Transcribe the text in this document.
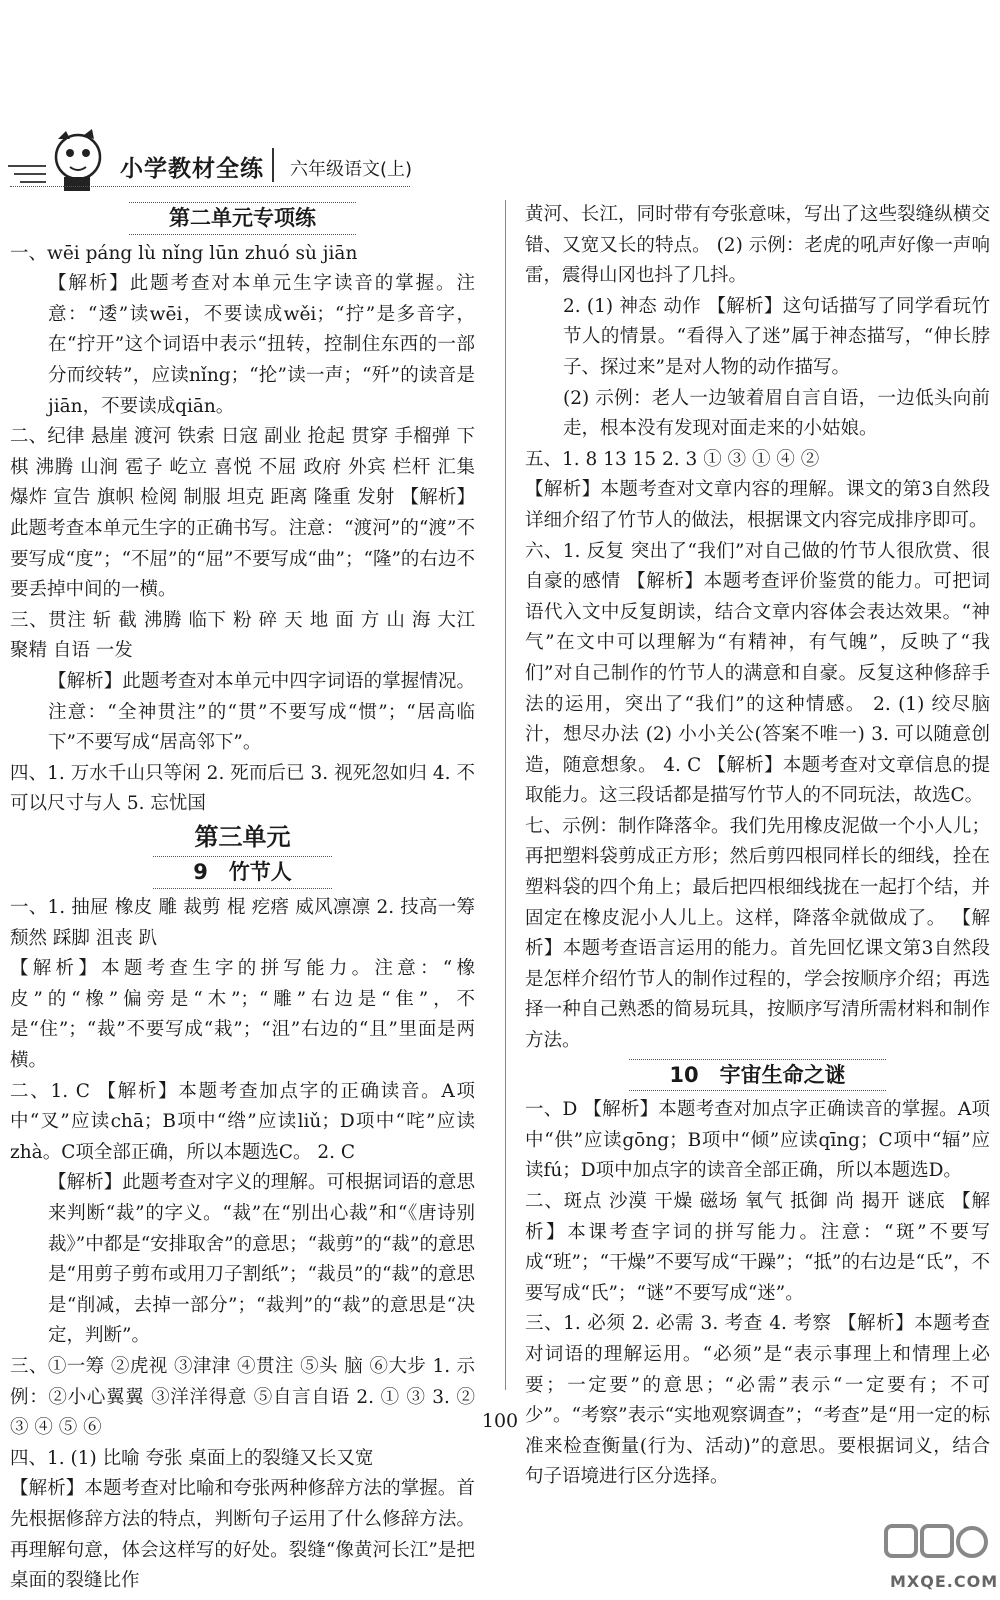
小学教材全练 六年级语文(上)
第二单元专项练

一、wēi páng lù nǐng lūn zhuó sù jiān

【解析】此题考查对本单元生字读音的掌握。注意：“逶”读wēi，不要读成wěi；“拧”是多音字，在“拧开”这个词语中表示“扭转，控制住东西的一部分而绞转”，应读nǐng；“抡”读一声；“歼”的读音是jiān，不要读成qiān。

二、纪律 悬崖 渡河 铁索 日寇 副业 抢起 贯穿 手榴弹 下棋 沸腾 山涧 雹子 屹立 喜悦 不屈 政府 外宾 栏杆 汇集 爆炸 宣告 旗帜 检阅 制服 坦克 距离 隆重 发射 【解析】此题考查本单元生字的正确书写。注意：“渡河”的“渡”不要写成“度”；“不屈”的“屈”不要写成“曲”；“隆”的右边不要丢掉中间的一横。

三、贯注 斩 截 沸腾 临下 粉 碎 天 地 面 方 山 海 大江 聚精 自语 一发

【解析】此题考查对本单元中四字词语的掌握情况。注意：“全神贯注”的“贯”不要写成“惯”；“居高临下”不要写成“居高邻下”。

四、1. 万水千山只等闲 2. 死而后已 3. 视死忽如归 4. 不可以尺寸与人 5. 忘忧国

第三单元
9　竹节人

一、1. 抽屉 橡皮 雕 裁剪 棍 疙瘩 威风凛凛 2. 技高一筹 颓然 踩脚 沮丧 趴

【解析】本题考查生字的拼写能力。注意：“橡皮”的“橡”偏旁是“木”；“雕”右边是“隹”，不是“住”；“裁”不要写成“栽”；“沮”右边的“且”里面是两横。

二、1. C 【解析】本题考查加点字的正确读音。A项中“叉”应读chā；B项中“绺”应读liǔ；D项中“咤”应读zhà。C项全部正确，所以本题选C。 2. C

【解析】此题考查对字义的理解。可根据词语的意思来判断“裁”的字义。“裁”在“别出心裁”和“《唐诗别裁》”中都是“安排取舍”的意思；“裁剪”的“裁”的意思是“用剪子剪布或用刀子割纸”；“裁员”的“裁”的意思是“削减，去掉一部分”；“裁判”的“裁”的意思是“决定，判断”。

三、①一筹 ②虎视 ③津津 ④贯注 ⑤头 脑 ⑥大步 1. 示例：②小心翼翼 ③洋洋得意 ⑤自言自语 2. ① ③ 3. ② ③ ④ ⑤ ⑥

四、1. (1) 比喻 夸张 桌面上的裂缝又长又宽

【解析】本题考查对比喻和夸张两种修辞方法的掌握。首先根据修辞方法的特点，判断句子运用了什么修辞方法。再理解句意，体会这样写的好处。裂缝“像黄河长江”是把桌面的裂缝比作

黄河、长江，同时带有夸张意味，写出了这些裂缝纵横交错、又宽又长的特点。 (2) 示例：老虎的吼声好像一声响雷，震得山冈也抖了几抖。

2. (1) 神态 动作 【解析】这句话描写了同学看玩竹节人的情景。“看得入了迷”属于神态描写，“伸长脖子、探过来”是对人物的动作描写。

(2) 示例：老人一边皱着眉自言自语，一边低头向前走，根本没有发现对面走来的小姑娘。

五、1. 8 13 15 2. 3 ① ③ ① ④ ②

【解析】本题考查对文章内容的理解。课文的第3自然段详细介绍了竹节人的做法，根据课文内容完成排序即可。

六、1. 反复 突出了“我们”对自己做的竹节人很欣赏、很自豪的感情 【解析】本题考查评价鉴赏的能力。可把词语代入文中反复朗读，结合文章内容体会表达效果。“神气”在文中可以理解为“有精神，有气魄”，反映了“我们”对自己制作的竹节人的满意和自豪。反复这种修辞手法的运用，突出了“我们”的这种情感。 2. (1) 绞尽脑汁，想尽办法 (2) 小小关公(答案不唯一) 3. 可以随意创造，随意想象。 4. C 【解析】本题考查对文章信息的提取能力。这三段话都是描写竹节人的不同玩法，故选C。

七、示例：制作降落伞。我们先用橡皮泥做一个小人儿；再把塑料袋剪成正方形；然后剪四根同样长的细线，拴在塑料袋的四个角上；最后把四根细线拢在一起打个结，并固定在橡皮泥小人儿上。这样，降落伞就做成了。 【解析】本题考查语言运用的能力。首先回忆课文第3自然段是怎样介绍竹节人的制作过程的，学会按顺序介绍；再选择一种自己熟悉的简易玩具，按顺序写清所需材料和制作方法。

10　宇宙生命之谜

一、D 【解析】本题考查对加点字正确读音的掌握。A项中“供”应读gōng；B项中“倾”应读qīng；C项中“辐”应读fú；D项中加点字的读音全部正确，所以本题选D。

二、斑点 沙漠 干燥 磁场 氧气 抵御 尚 揭开 谜底 【解析】本课考查字词的拼写能力。注意：“斑”不要写成“班”；“干燥”不要写成“干躁”；“抵”的右边是“氐”，不要写成“氏”；“谜”不要写成“迷”。

三、1. 必须 2. 必需 3. 考查 4. 考察 【解析】本题考查对词语的理解运用。“必须”是“表示事理上和情理上必要；一定要”的意思；“必需”表示“一定要有；不可少”。“考察”表示“实地观察调查”；“考查”是“用一定的标准来检查衡量(行为、活动)”的意思。要根据词义，结合句子语境进行区分选择。

100
MXQE.COM
